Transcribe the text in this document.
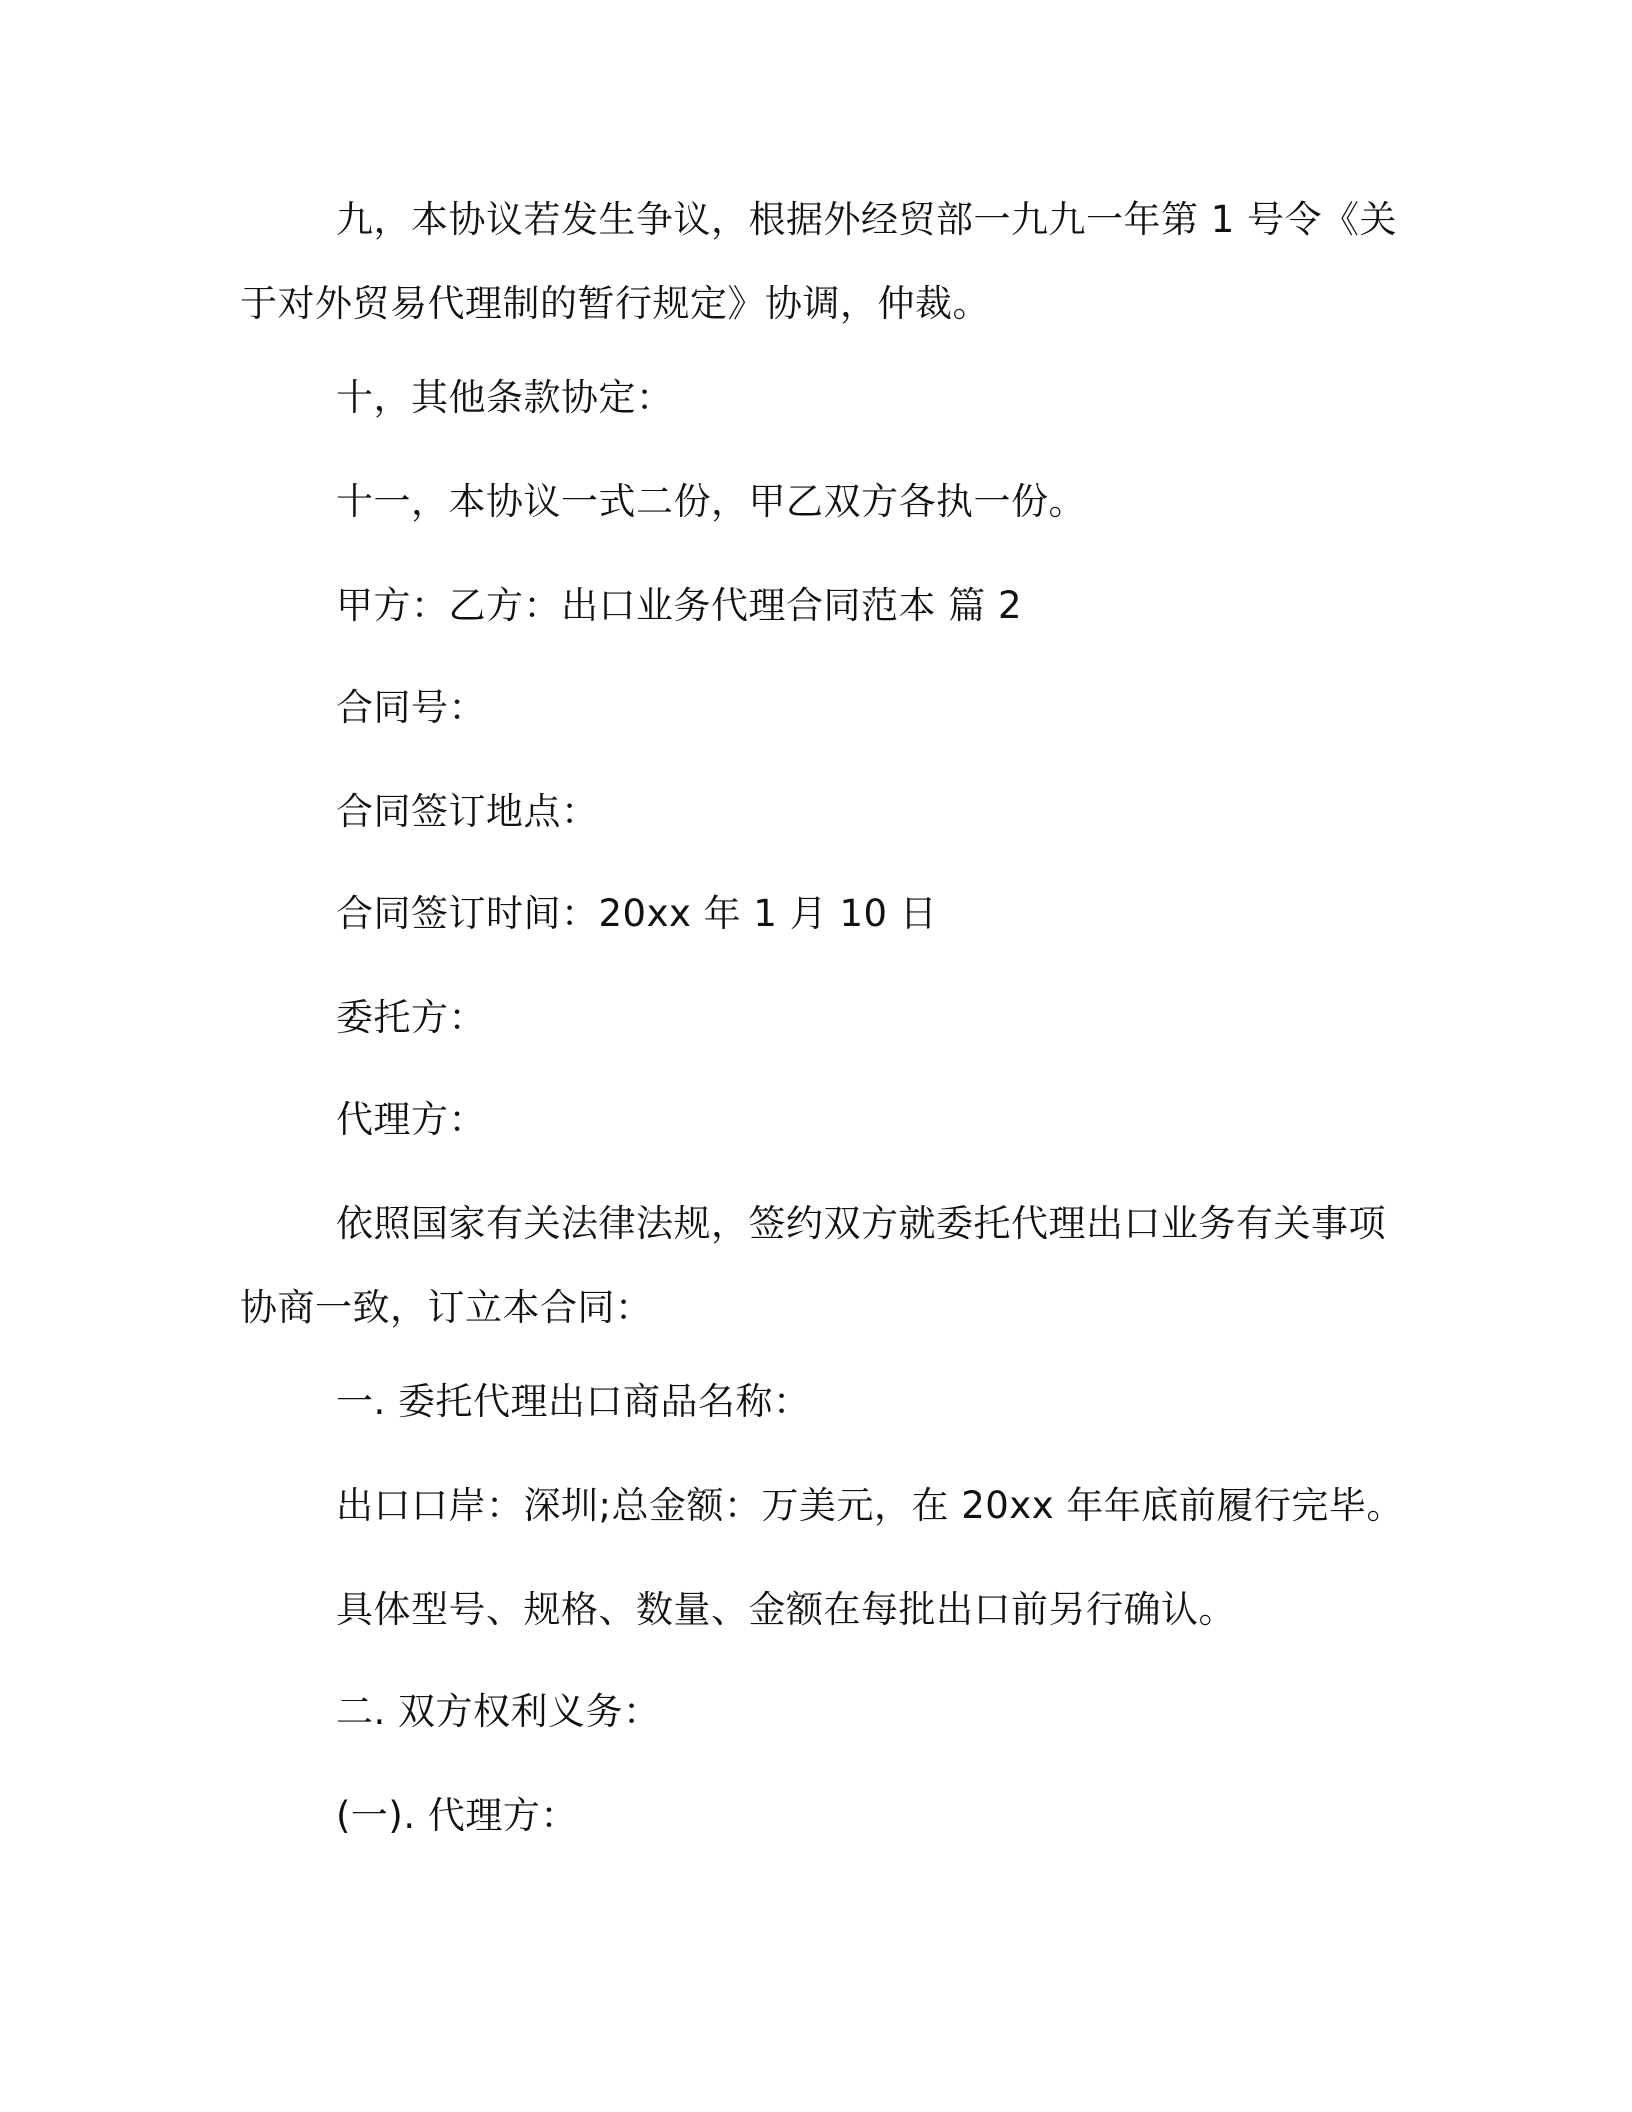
九，本协议若发生争议，根据外经贸部一九九一年第 1 号令《关
于对外贸易代理制的暂行规定》协调，仲裁。
十，其他条款协定：
十一，本协议一式二份，甲乙双方各执一份。
甲方：乙方：出口业务代理合同范本 篇 2
合同号：
合同签订地点：
合同签订时间：20xx 年 1 月 10 日
委托方：
代理方：
依照国家有关法律法规，签约双方就委托代理出口业务有关事项
协商一致，订立本合同：
一. 委托代理出口商品名称：
出口口岸：深圳;总金额：万美元，在 20xx 年年底前履行完毕。
具体型号、规格、数量、金额在每批出口前另行确认。
二. 双方权利义务：
(一). 代理方：
